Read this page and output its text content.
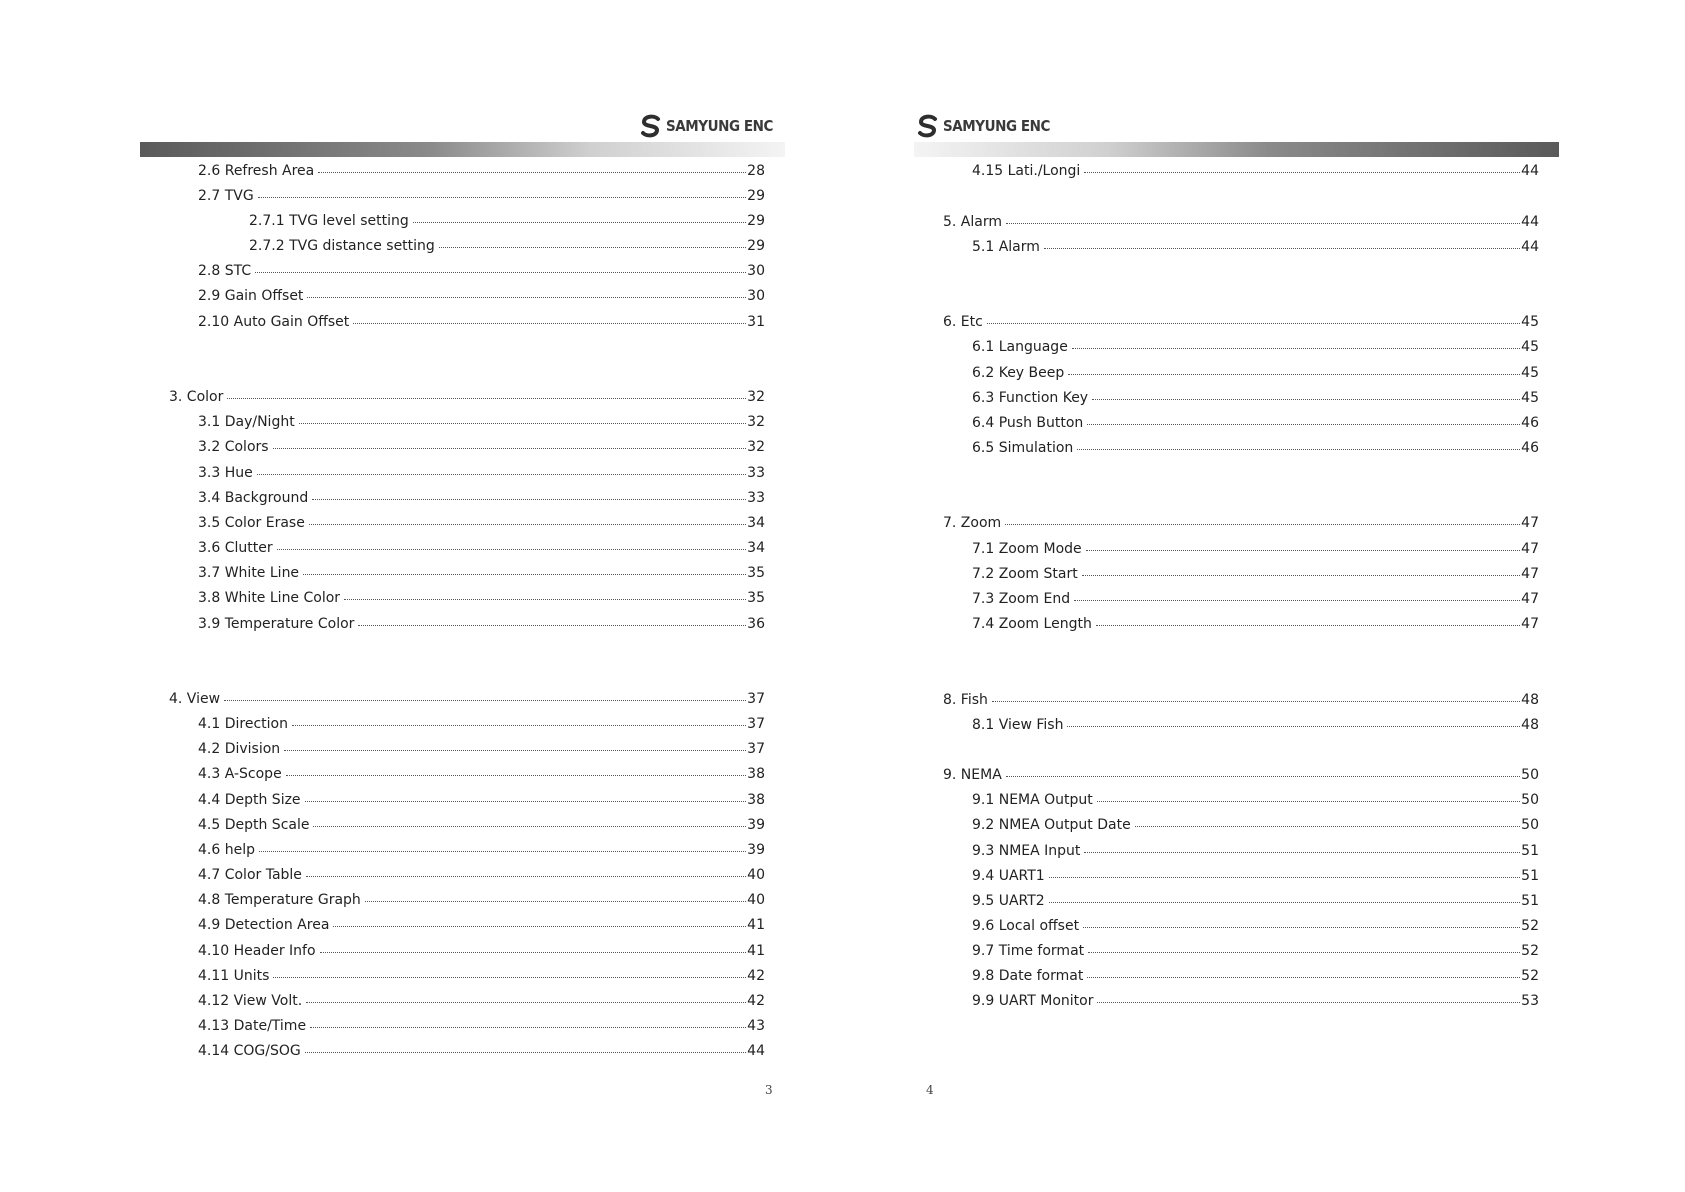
SAMYUNG ENC
2.6 Refresh Area	28
2.7 TVG	29
2.7.1 TVG level setting	29
2.7.2 TVG distance setting	29
2.8 STC	30
2.9 Gain Offset	30
2.10 Auto Gain Offset	31
3. Color	32
3.1 Day/Night	32
3.2 Colors	32
3.3 Hue	33
3.4 Background	33
3.5 Color Erase	34
3.6 Clutter	34
3.7 White Line	35
3.8 White Line Color	35
3.9 Temperature Color	36
4. View	37
4.1 Direction	37
4.2 Division	37
4.3 A-Scope	38
4.4 Depth Size	38
4.5 Depth Scale	39
4.6 help	39
4.7 Color Table	40
4.8 Temperature Graph	40
4.9 Detection Area	41
4.10 Header Info	41
4.11 Units	42
4.12 View Volt.	42
4.13 Date/Time	43
4.14 COG/SOG	44
3
SAMYUNG ENC
4.15 Lati./Longi	44
5. Alarm	44
5.1 Alarm	44
6. Etc	45
6.1 Language	45
6.2 Key Beep	45
6.3 Function Key	45
6.4 Push Button	46
6.5 Simulation	46
7. Zoom	47
7.1 Zoom Mode	47
7.2 Zoom Start	47
7.3 Zoom End	47
7.4 Zoom Length	47
8. Fish	48
8.1 View Fish	48
9. NEMA	50
9.1 NEMA Output	50
9.2 NMEA Output Date	50
9.3 NMEA Input	51
9.4 UART1	51
9.5 UART2	51
9.6 Local offset	52
9.7 Time format	52
9.8 Date format	52
9.9 UART Monitor	53
4
